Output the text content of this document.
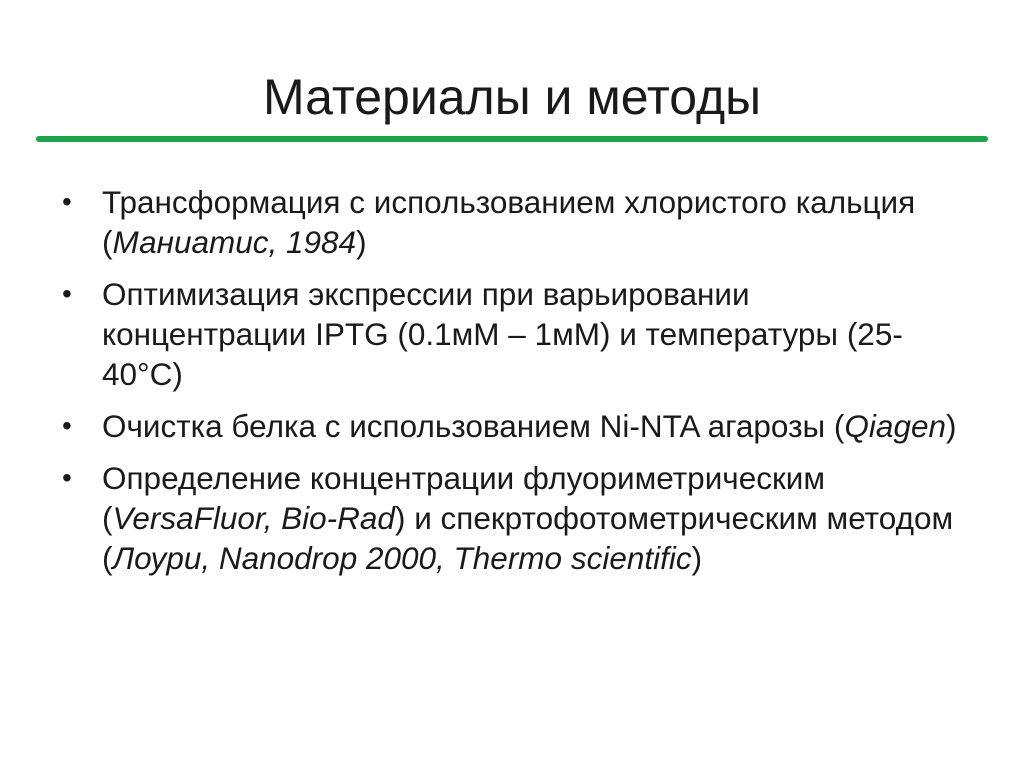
Материалы и методы
• Трансформация с использованием хлористого кальция (Маниатис, 1984)
• Оптимизация экспрессии при варьировании концентрации IPTG (0.1мМ – 1мМ) и температуры (25-40°С)
• Очистка белка с использованием Ni-NTA агарозы (Qiagen)
• Определение концентрации флуориметрическим (VersaFluor, Bio-Rad) и спекртофотометрическим методом (Лоури, Nanodrop 2000, Thermo scientific)
